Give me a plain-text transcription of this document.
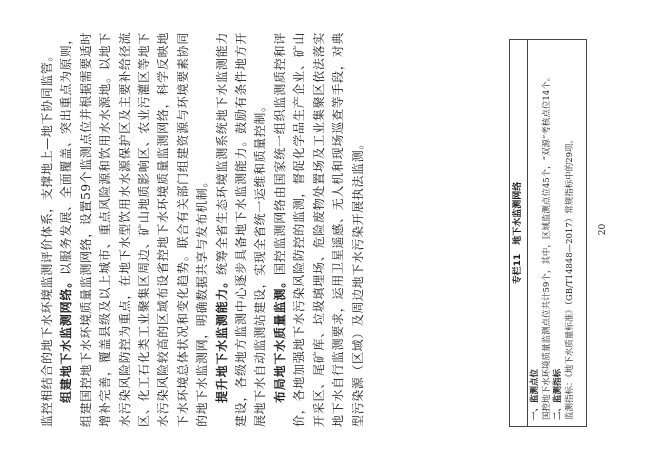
监控相结合的地下水环境监测评价体系，支撑地上—地下协同监管。 组建地下水监测网络。以服务发展、全面覆盖、突出重点为原则，组建国控地下水环境质量监测网络，设置59个监测点位并根据需要适时增补完善，覆盖县级及以上城市、重点风险源和饮用水水源地。以地下水污染风险防控为重点，在地下水型饮用水水源保护区及主要补给径流区、化工石化类工业聚集区周边、矿山地质影响区、农业污灌区等地下水污染风险较高的区域布设省控地下水环境质量监测网络，科学反映地下水环境总体状况和变化趋势。联合有关部门组建资源与环境要素协同的地下水监测网，明确数据共享与发布机制。 提升地下水监测能力。统筹全省生态环境监测系统地下水监测能力建设，各级地方监测中心逐步具备地下水监测能力。鼓励有条件地方开展地下水自动监测站建设，实现全省统一运维和质量控制。 布局地下水质量监测。国控监测网络由国家统一组织监测质控和评价，各地加强地下水污染风险防控的监测，督促化学品生产企业、矿山开采区、尾矿库、垃圾填埋场、危险废物处置场及工业集聚区依法落实地下水自行监测要求，运用卫星遥感、无人机和现场巡查等手段，对典型污染源（区域）及周边地下水污染开展执法监测。	专栏11　地下水监测网络
一、监测点位 国控地下水环境质量监测点位共计59个，其中，区域监测点位45个，“双源”考核点位14个。 二、监测指标 监测指标：《地下水质量标准》（GB/T14848—2017）常规指标中的29项。	20
